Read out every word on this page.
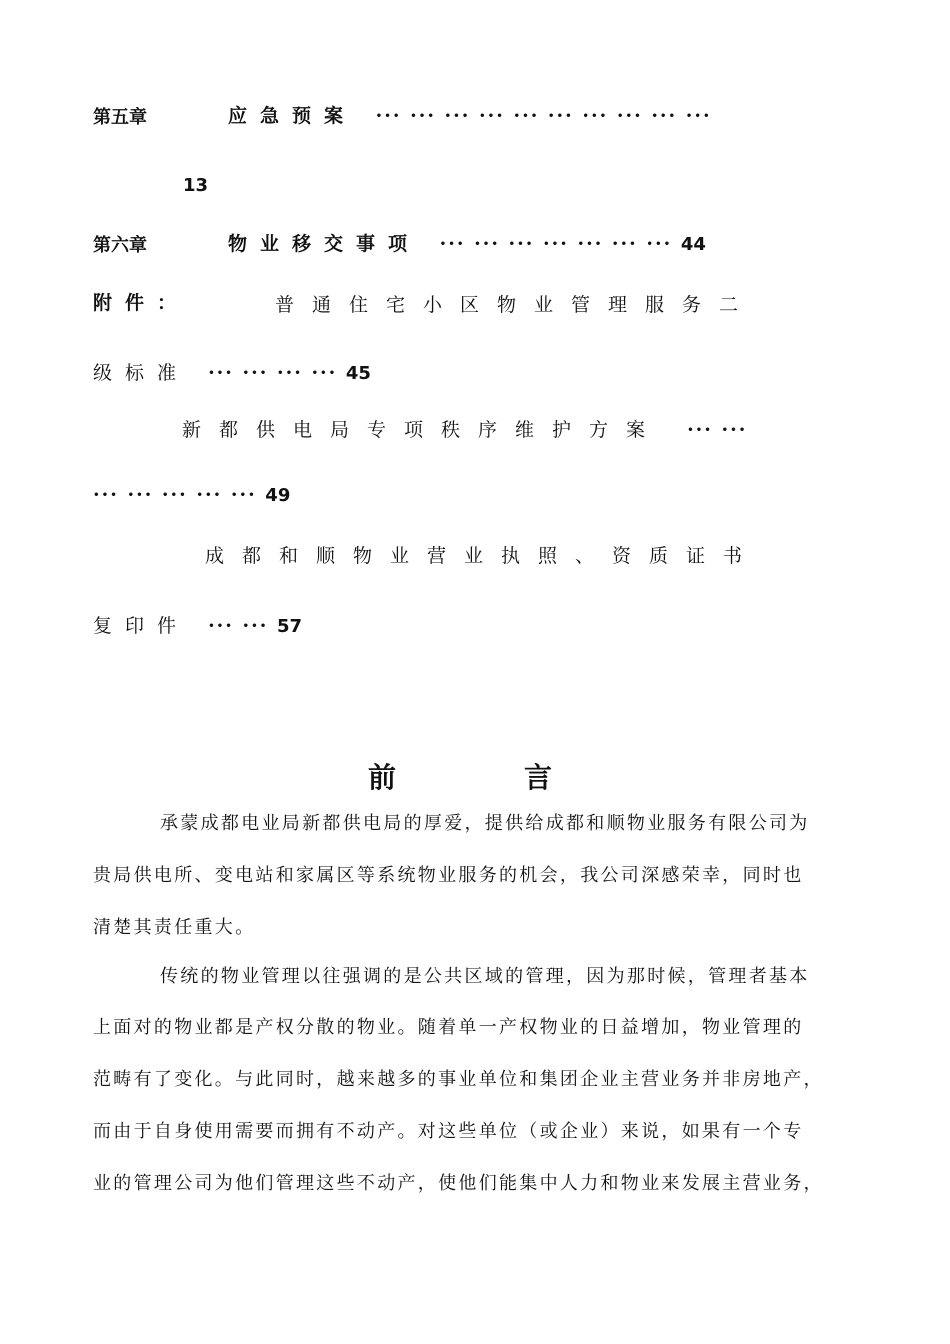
第五章	应急预案 ··· ··· ··· ··· ··· ··· ··· ··· ··· ···
13
第六章	物业移交事项 ··· ··· ··· ··· ··· ··· ··· 44
附件：	普通住宅小区物业管理服务二
级标准 ··· ··· ··· ··· 45
新都供电局专项秩序维护方案 ··· ···
··· ··· ··· ··· ··· 49
成都和顺物业营业执照、资质证书
复印件 ··· ··· 57
前	言
承蒙成都电业局新都供电局的厚爱，提供给成都和顺物业服务有限公司为
贵局供电所、变电站和家属区等系统物业服务的机会，我公司深感荣幸，同时也
清楚其责任重大。
传统的物业管理以往强调的是公共区域的管理，因为那时候，管理者基本
上面对的物业都是产权分散的物业。随着单一产权物业的日益增加，物业管理的
范畴有了变化。与此同时，越来越多的事业单位和集团企业主营业务并非房地产，
而由于自身使用需要而拥有不动产。对这些单位（或企业）来说，如果有一个专
业的管理公司为他们管理这些不动产，使他们能集中人力和物业来发展主营业务，
